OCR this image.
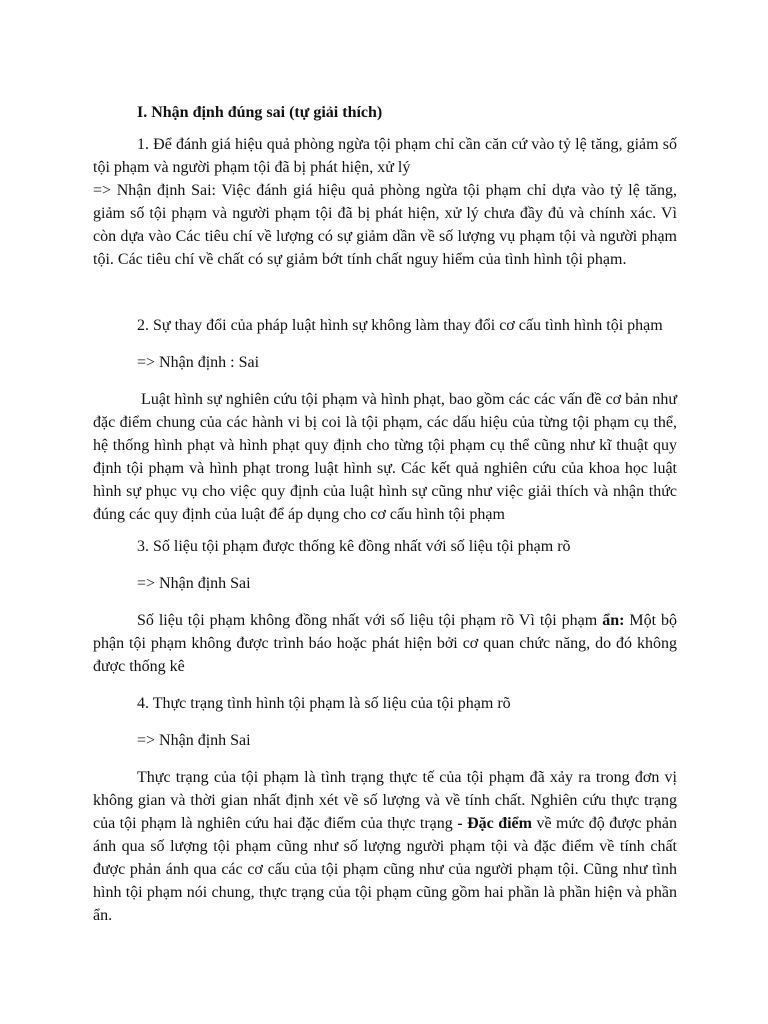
I. Nhận định đúng sai (tự giải thích)

1. Để đánh giá hiệu quả phòng ngừa tội phạm chỉ cần căn cứ vào tỷ lệ tăng, giảm số tội phạm và người phạm tội đã bị phát hiện, xử lý

=> Nhận định Sai: Việc đánh giá hiệu quả phòng ngừa tội phạm chỉ dựa vào tỷ lệ tăng, giảm số tội phạm và người phạm tội đã bị phát hiện, xử lý chưa đầy đủ và chính xác. Vì còn dựa vào Các tiêu chí về lượng có sự giảm dần về số lượng vụ phạm tội và người phạm tội. Các tiêu chí về chất có sự giảm bớt tính chất nguy hiểm của tình hình tội phạm.

2. Sự thay đổi của pháp luật hình sự không làm thay đổi cơ cấu tình hình tội phạm

=> Nhận định : Sai

Luật hình sự nghiên cứu tội phạm và hình phạt, bao gồm các các vấn đề cơ bản như đặc điểm chung của các hành vi bị coi là tội phạm, các dấu hiệu của từng tội phạm cụ thể, hệ thống hình phạt và hình phạt quy định cho từng tội phạm cụ thể cũng như kĩ thuật quy định tội phạm và hình phạt trong luật hình sự. Các kết quả nghiên cứu của khoa học luật hình sự phục vụ cho việc quy định của luật hình sự cũng như việc giải thích và nhận thức đúng các quy định của luật để áp dụng cho cơ cấu hình tội phạm

3. Số liệu tội phạm được thống kê đồng nhất với số liệu tội phạm rõ

=> Nhận định Sai

Số liệu tội phạm không đồng nhất với số liệu tội phạm rõ Vì tội phạm ẩn: Một bộ phận tội phạm không được trình báo hoặc phát hiện bởi cơ quan chức năng, do đó không được thống kê

4. Thực trạng tình hình tội phạm là số liệu của tội phạm rõ

=> Nhận định Sai

Thực trạng của tội phạm là tình trạng thực tế của tội phạm đã xảy ra trong đơn vị không gian và thời gian nhất định xét về số lượng và về tính chất. Nghiên cứu thực trạng của tội phạm là nghiên cứu hai đặc điểm của thực trạng - Đặc điểm về mức độ được phản ánh qua số lượng tội phạm cũng như số lượng người phạm tội và đặc điểm về tính chất được phản ánh qua các cơ cấu của tội phạm cũng như của người phạm tội. Cũng như tình hình tội phạm nói chung, thực trạng của tội phạm cũng gồm hai phần là phần hiện và phần ẩn.
